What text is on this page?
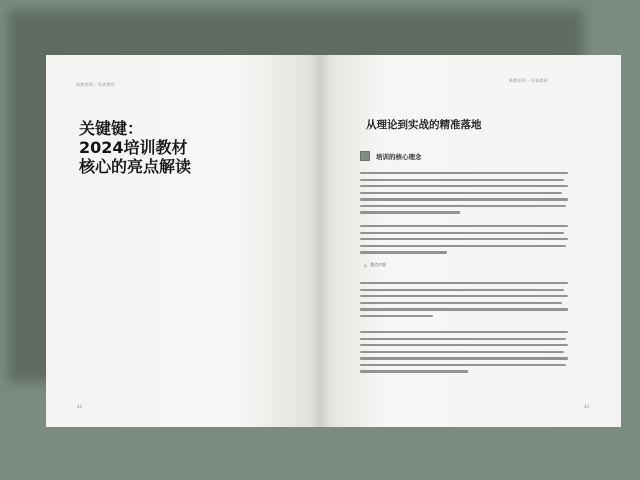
新教培训 · 培训教材
关键键：
2024培训教材
核心的亮点解读
42
新教培训 · 培训教材
从理论到实战的精准落地
培训的核心理念
◇ 重点内容
43
